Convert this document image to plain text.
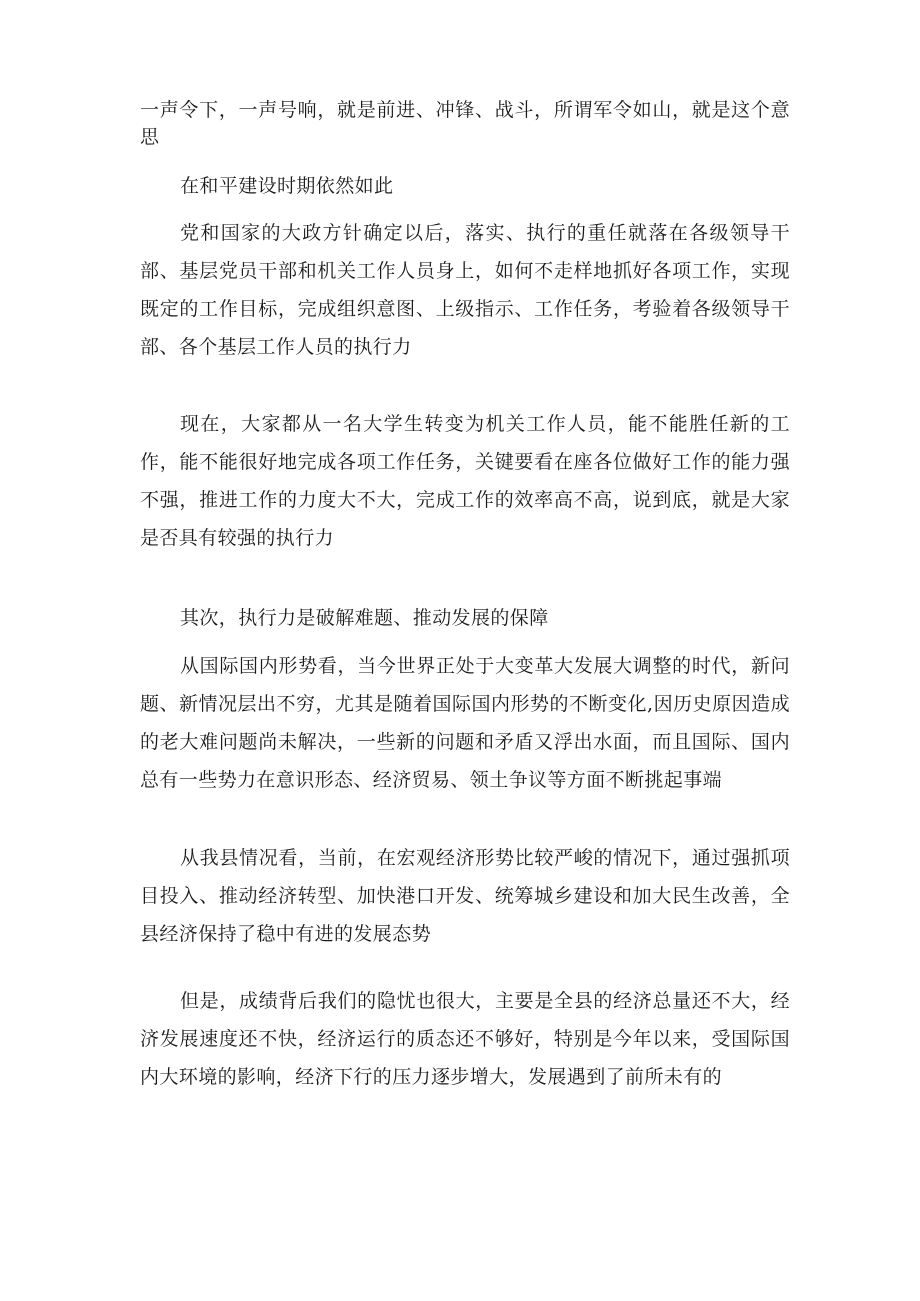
一声令下，一声号响，就是前进、冲锋、战斗，所谓军令如山，就是这个意思

在和平建设时期依然如此

党和国家的大政方针确定以后，落实、执行的重任就落在各级领导干部、基层党员干部和机关工作人员身上，如何不走样地抓好各项工作，实现既定的工作目标，完成组织意图、上级指示、工作任务，考验着各级领导干部、各个基层工作人员的执行力

现在，大家都从一名大学生转变为机关工作人员，能不能胜任新的工作，能不能很好地完成各项工作任务，关键要看在座各位做好工作的能力强不强，推进工作的力度大不大，完成工作的效率高不高，说到底，就是大家是否具有较强的执行力

其次，执行力是破解难题、推动发展的保障

从国际国内形势看，当今世界正处于大变革大发展大调整的时代，新问题、新情况层出不穷，尤其是随着国际国内形势的不断变化,因历史原因造成的老大难问题尚未解决，一些新的问题和矛盾又浮出水面，而且国际、国内总有一些势力在意识形态、经济贸易、领土争议等方面不断挑起事端

从我县情况看，当前，在宏观经济形势比较严峻的情况下，通过强抓项目投入、推动经济转型、加快港口开发、统筹城乡建设和加大民生改善，全县经济保持了稳中有进的发展态势

但是，成绩背后我们的隐忧也很大，主要是全县的经济总量还不大，经济发展速度还不快，经济运行的质态还不够好，特别是今年以来，受国际国内大环境的影响，经济下行的压力逐步增大，发展遇到了前所未有的
